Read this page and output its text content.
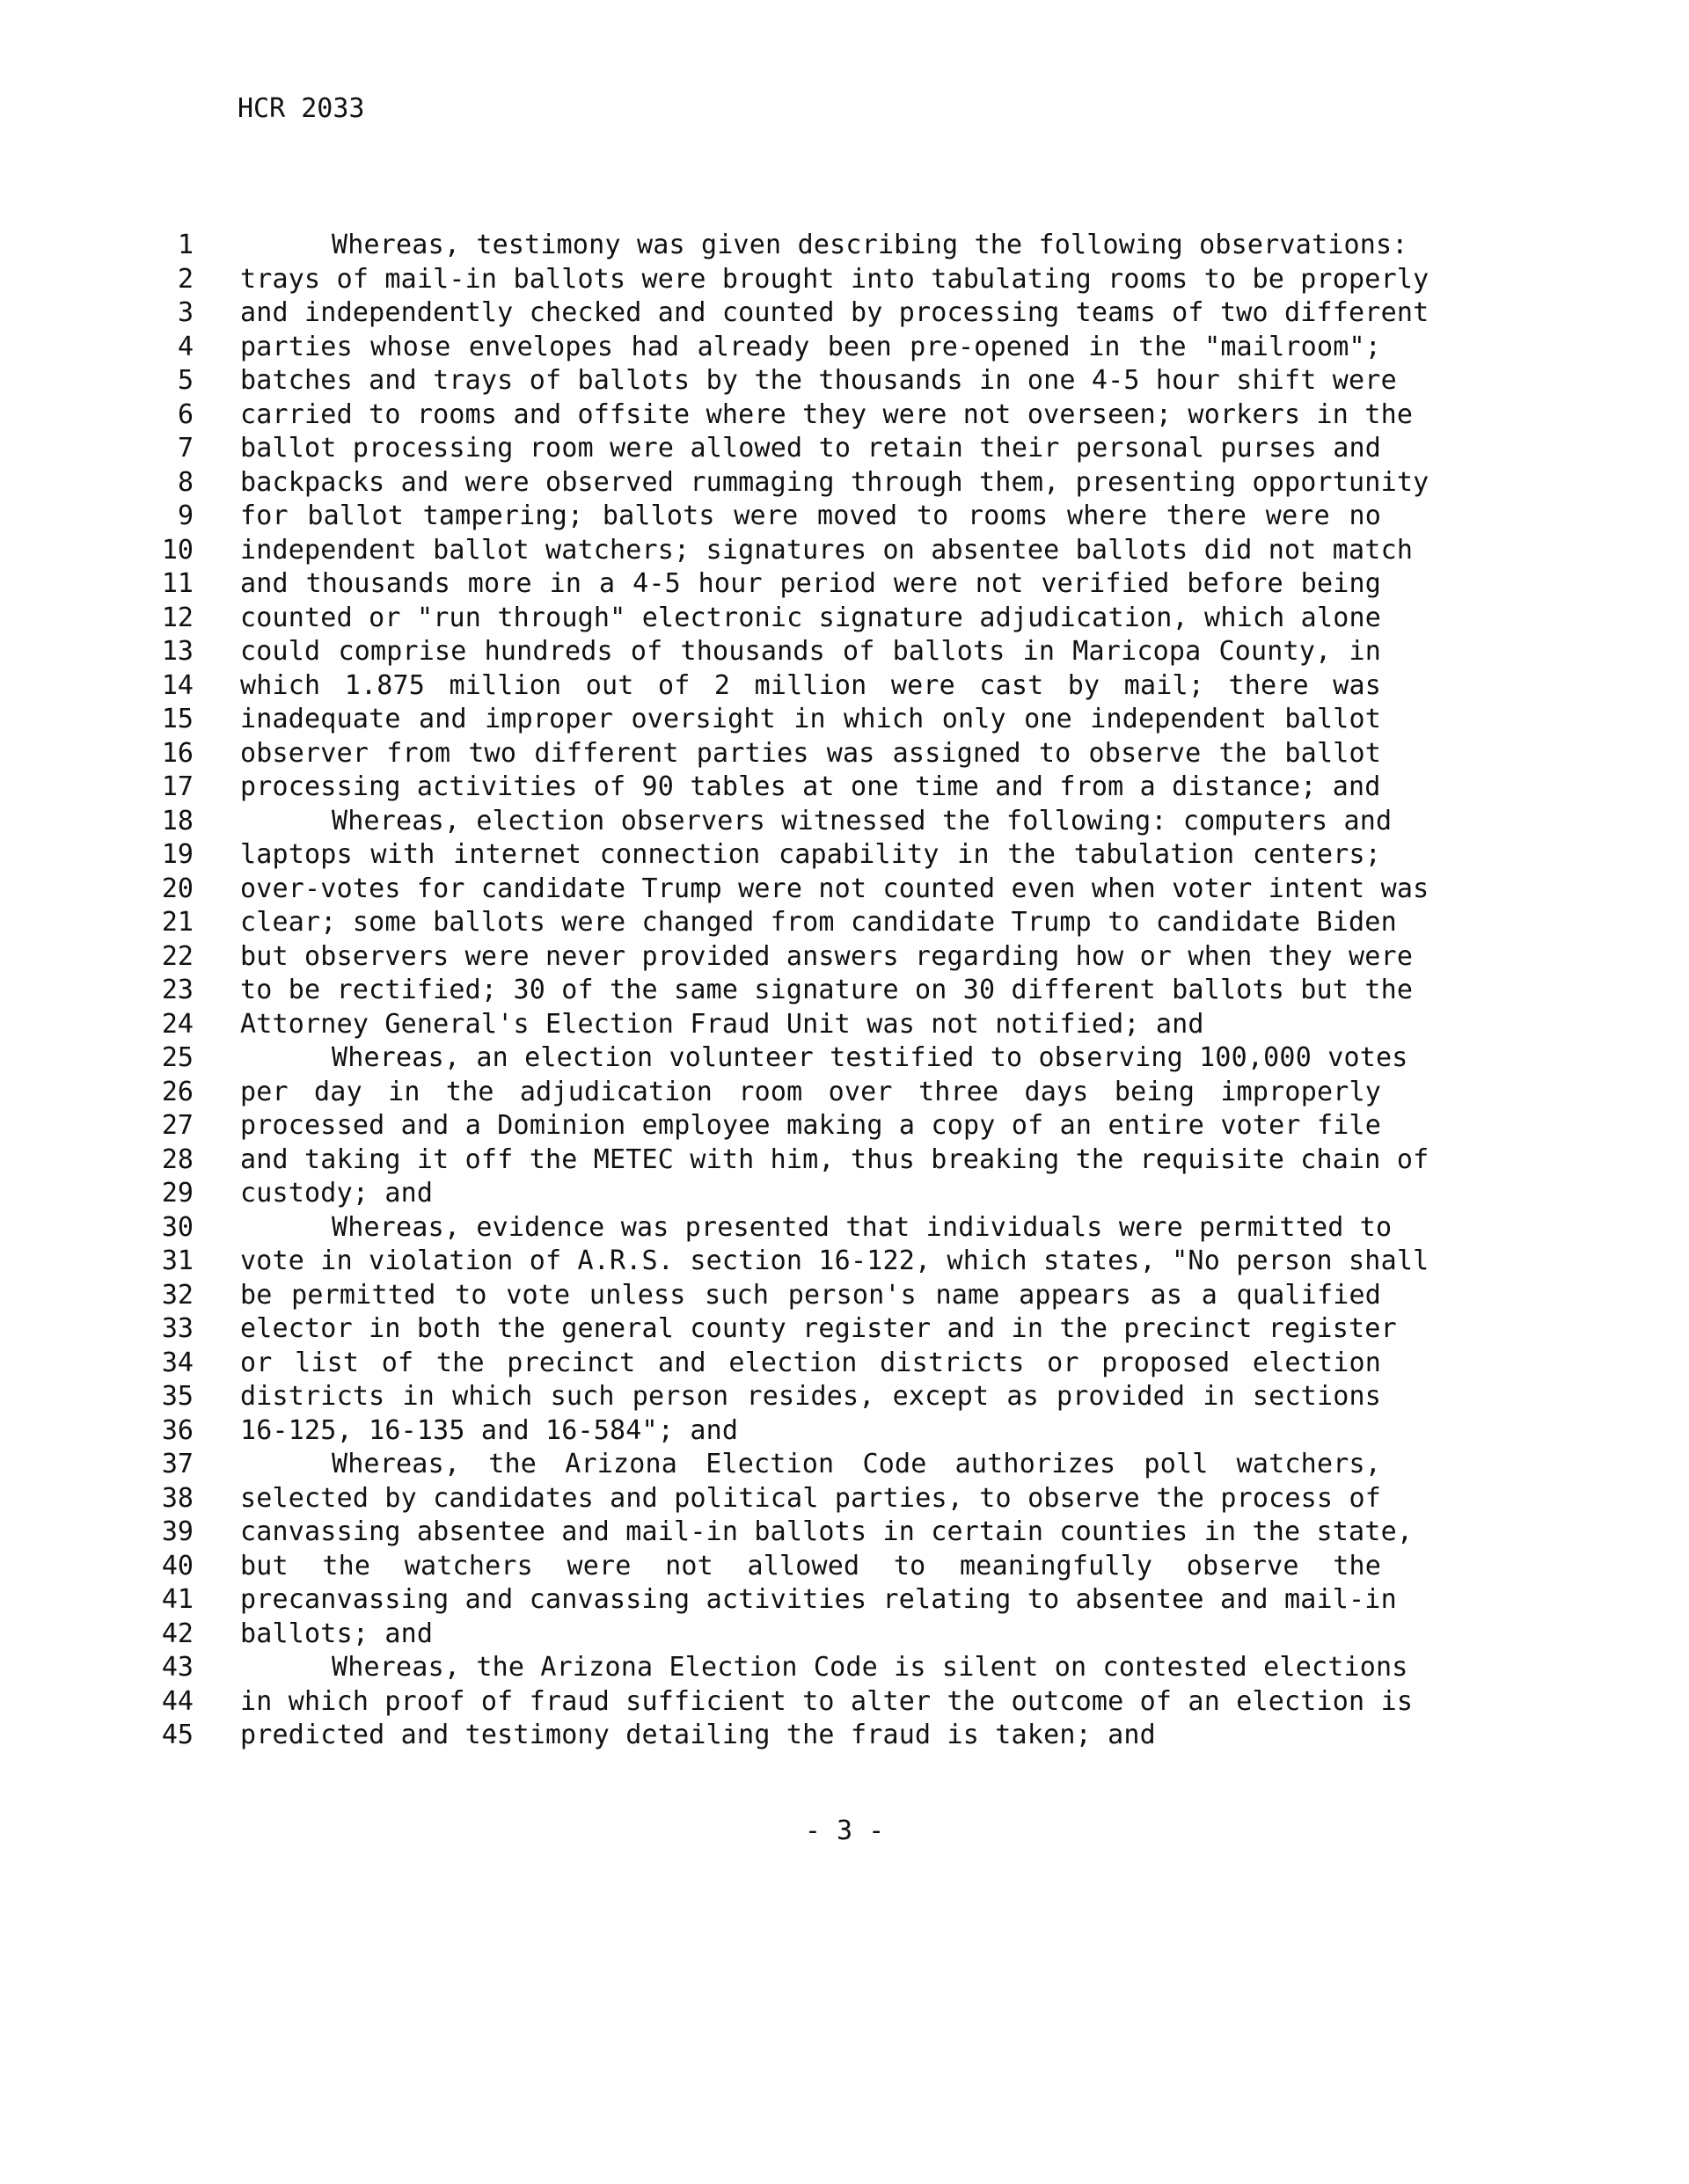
HCR 2033
1	Whereas, testimony was given describing the following observations:
2 trays of mail-in ballots were brought into tabulating rooms to be properly
3 and independently checked and counted by processing teams of two different
4 parties whose envelopes had already been pre-opened in the "mailroom";
5 batches and trays of ballots by the thousands in one 4-5 hour shift were
6 carried to rooms and offsite where they were not overseen; workers in the
7 ballot processing room were allowed to retain their personal purses and
8 backpacks and were observed rummaging through them, presenting opportunity
9 for ballot tampering; ballots were moved to rooms where there were no
10 independent ballot watchers; signatures on absentee ballots did not match
11 and thousands more in a 4-5 hour period were not verified before being
12 counted or "run through" electronic signature adjudication, which alone
13 could comprise hundreds of thousands of ballots in Maricopa County, in
14 which 1.875 million out of 2 million were cast by mail; there was
15 inadequate and improper oversight in which only one independent ballot
16 observer from two different parties was assigned to observe the ballot
17 processing activities of 90 tables at one time and from a distance; and
18	Whereas, election observers witnessed the following: computers and
19 laptops with internet connection capability in the tabulation centers;
20 over-votes for candidate Trump were not counted even when voter intent was
21 clear; some ballots were changed from candidate Trump to candidate Biden
22 but observers were never provided answers regarding how or when they were
23 to be rectified; 30 of the same signature on 30 different ballots but the
24 Attorney General's Election Fraud Unit was not notified; and
25	Whereas, an election volunteer testified to observing 100,000 votes
26 per day in the adjudication room over three days being improperly
27 processed and a Dominion employee making a copy of an entire voter file
28 and taking it off the METEC with him, thus breaking the requisite chain of
29 custody; and
30	Whereas, evidence was presented that individuals were permitted to
31 vote in violation of A.R.S. section 16-122, which states, "No person shall
32 be permitted to vote unless such person's name appears as a qualified
33 elector in both the general county register and in the precinct register
34 or list of the precinct and election districts or proposed election
35 districts in which such person resides, except as provided in sections
36 16-125, 16-135 and 16-584"; and
37	Whereas, the Arizona Election Code authorizes poll watchers,
38 selected by candidates and political parties, to observe the process of
39 canvassing absentee and mail-in ballots in certain counties in the state,
40 but the watchers were not allowed to meaningfully observe the
41 precanvassing and canvassing activities relating to absentee and mail-in
42 ballots; and
43	Whereas, the Arizona Election Code is silent on contested elections
44 in which proof of fraud sufficient to alter the outcome of an election is
45 predicted and testimony detailing the fraud is taken; and
- 3 -
